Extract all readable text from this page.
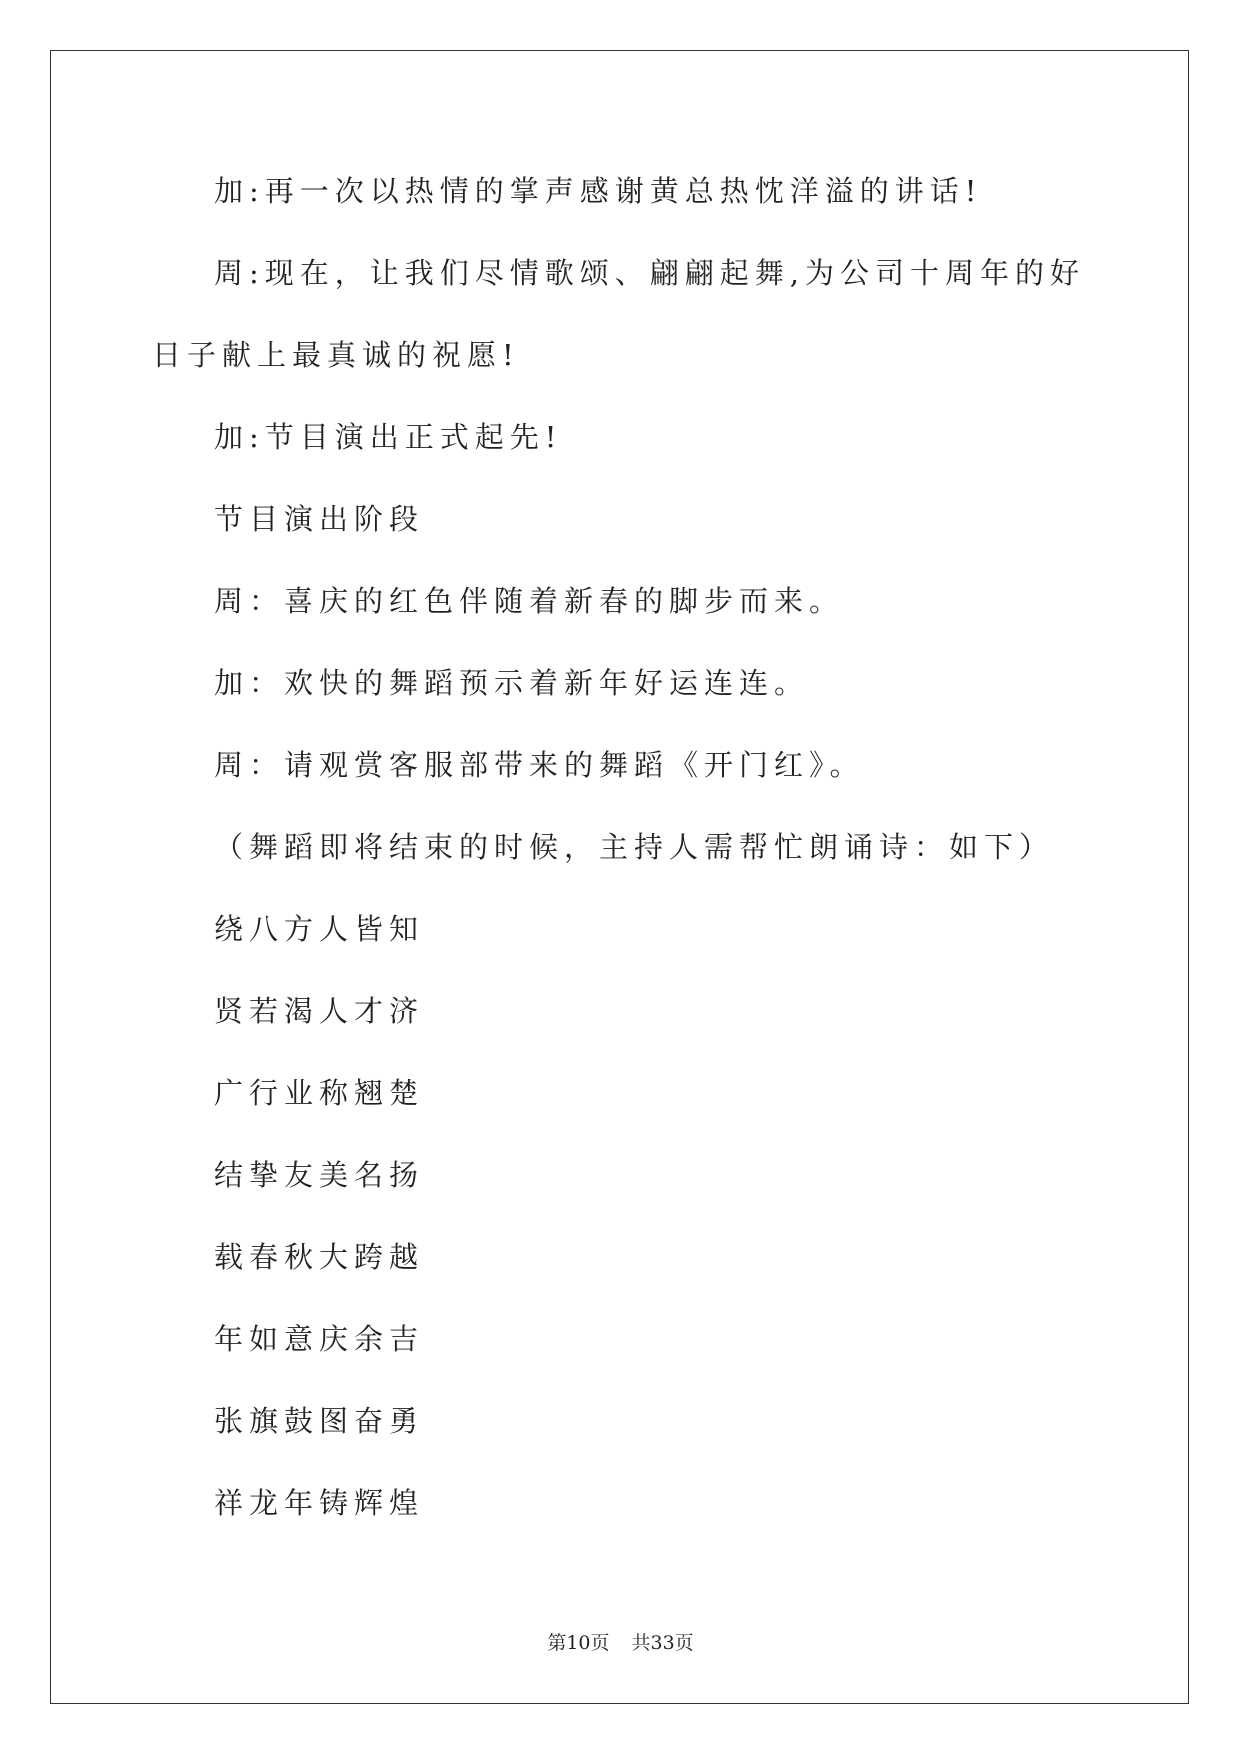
加:再一次以热情的掌声感谢黄总热忱洋溢的讲话!

周:现在，让我们尽情歌颂、翩翩起舞,为公司十周年的好日子献上最真诚的祝愿!

加:节目演出正式起先!

节目演出阶段

周：喜庆的红色伴随着新春的脚步而来。

加：欢快的舞蹈预示着新年好运连连。

周：请观赏客服部带来的舞蹈《开门红》。

（舞蹈即将结束的时候，主持人需帮忙朗诵诗：如下）

绕八方人皆知

贤若渴人才济

广行业称翘楚

结挚友美名扬

载春秋大跨越

年如意庆余吉

张旗鼓图奋勇

祥龙年铸辉煌

第10页 共33页
